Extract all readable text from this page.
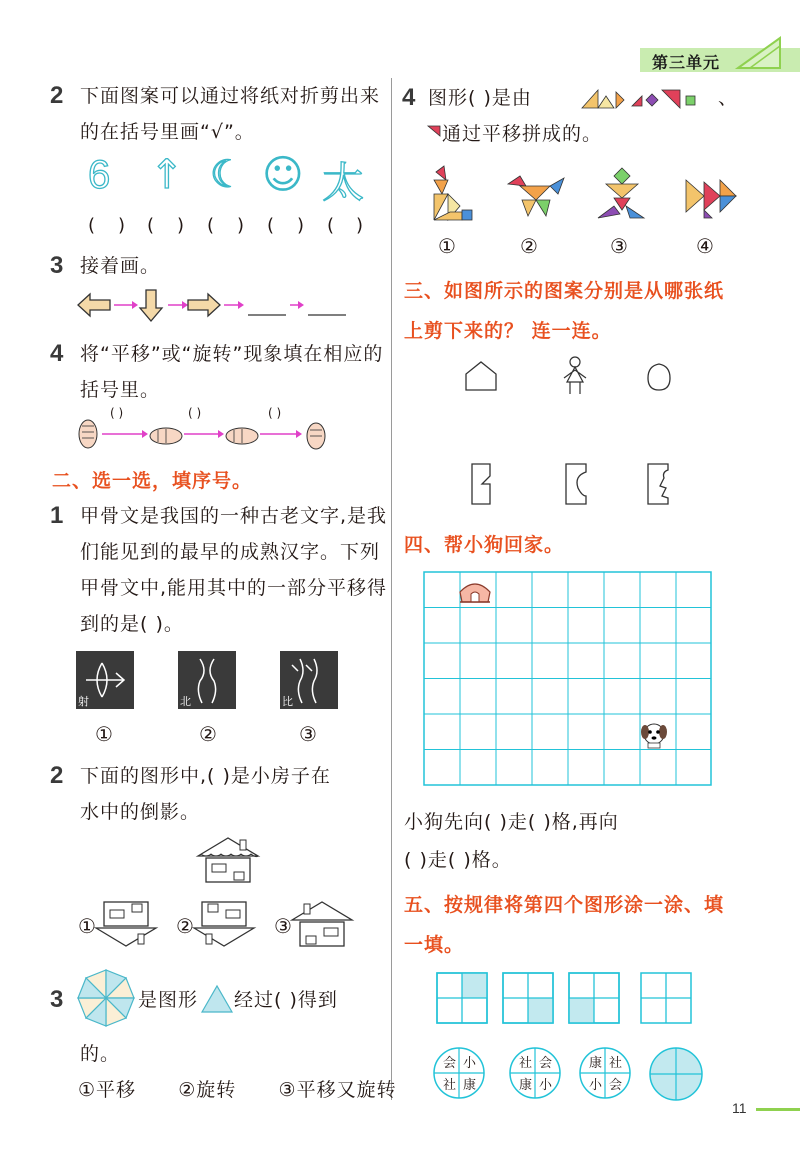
第三单元
2 下面图案可以通过将纸对折剪出来
的在括号里画“√”。
6 ↑ ☾ ☺ 太
( ) ( ) ( ) ( ) ( )
3 接着画。
4 将“平移”或“旋转”现象填在相应的
括号里。
( )	( )	( )
二、选一选，填序号。
1 甲骨文是我国的一种古老文字,是我
们能见到的最早的成熟汉字。下列
甲骨文中,能用其中的一部分平移得
到的是( )。
射	北	比
①	②	③
2 下面的图形中,( )是小房子在
水中的倒影。
①	②	③
3	是图形 经过( )得到
的。
①平移      ②旋转      ③平移又旋转
4 图形( )是由	、
通过平移拼成的。
①	②	③	④
三、如图所示的图案分别是从哪张纸
上剪下来的？ 连一连。
四、帮小狗回家。
小狗先向( )走( )格,再向
( )走( )格。
五、按规律将第四个图形涂一涂、填
一填。
会 小
社 康
社 会
康 小
康 社
小 会
11
